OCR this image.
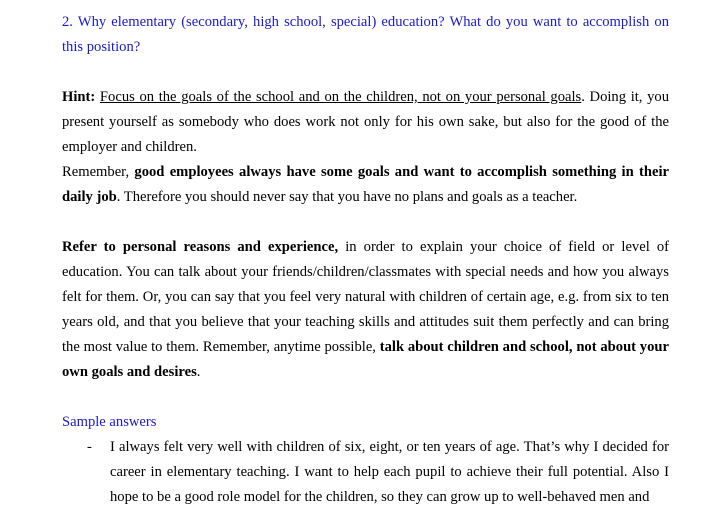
2. Why elementary (secondary, high school, special) education? What do you want to accomplish on this position?

Hint: Focus on the goals of the school and on the children, not on your personal goals. Doing it, you present yourself as somebody who does work not only for his own sake, but also for the good of the employer and children.

Remember, good employees always have some goals and want to accomplish something in their daily job. Therefore you should never say that you have no plans and goals as a teacher.

Refer to personal reasons and experience, in order to explain your choice of field or level of education. You can talk about your friends/children/classmates with special needs and how you always felt for them. Or, you can say that you feel very natural with children of certain age, e.g. from six to ten years old, and that you believe that your teaching skills and attitudes suit them perfectly and can bring the most value to them. Remember, anytime possible, talk about children and school, not about your own goals and desires.

Sample answers

- I always felt very well with children of six, eight, or ten years of age. That’s why I decided for career in elementary teaching. I want to help each pupil to achieve their full potential. Also I hope to be a good role model for the children, so they can grow up to well-behaved men and
